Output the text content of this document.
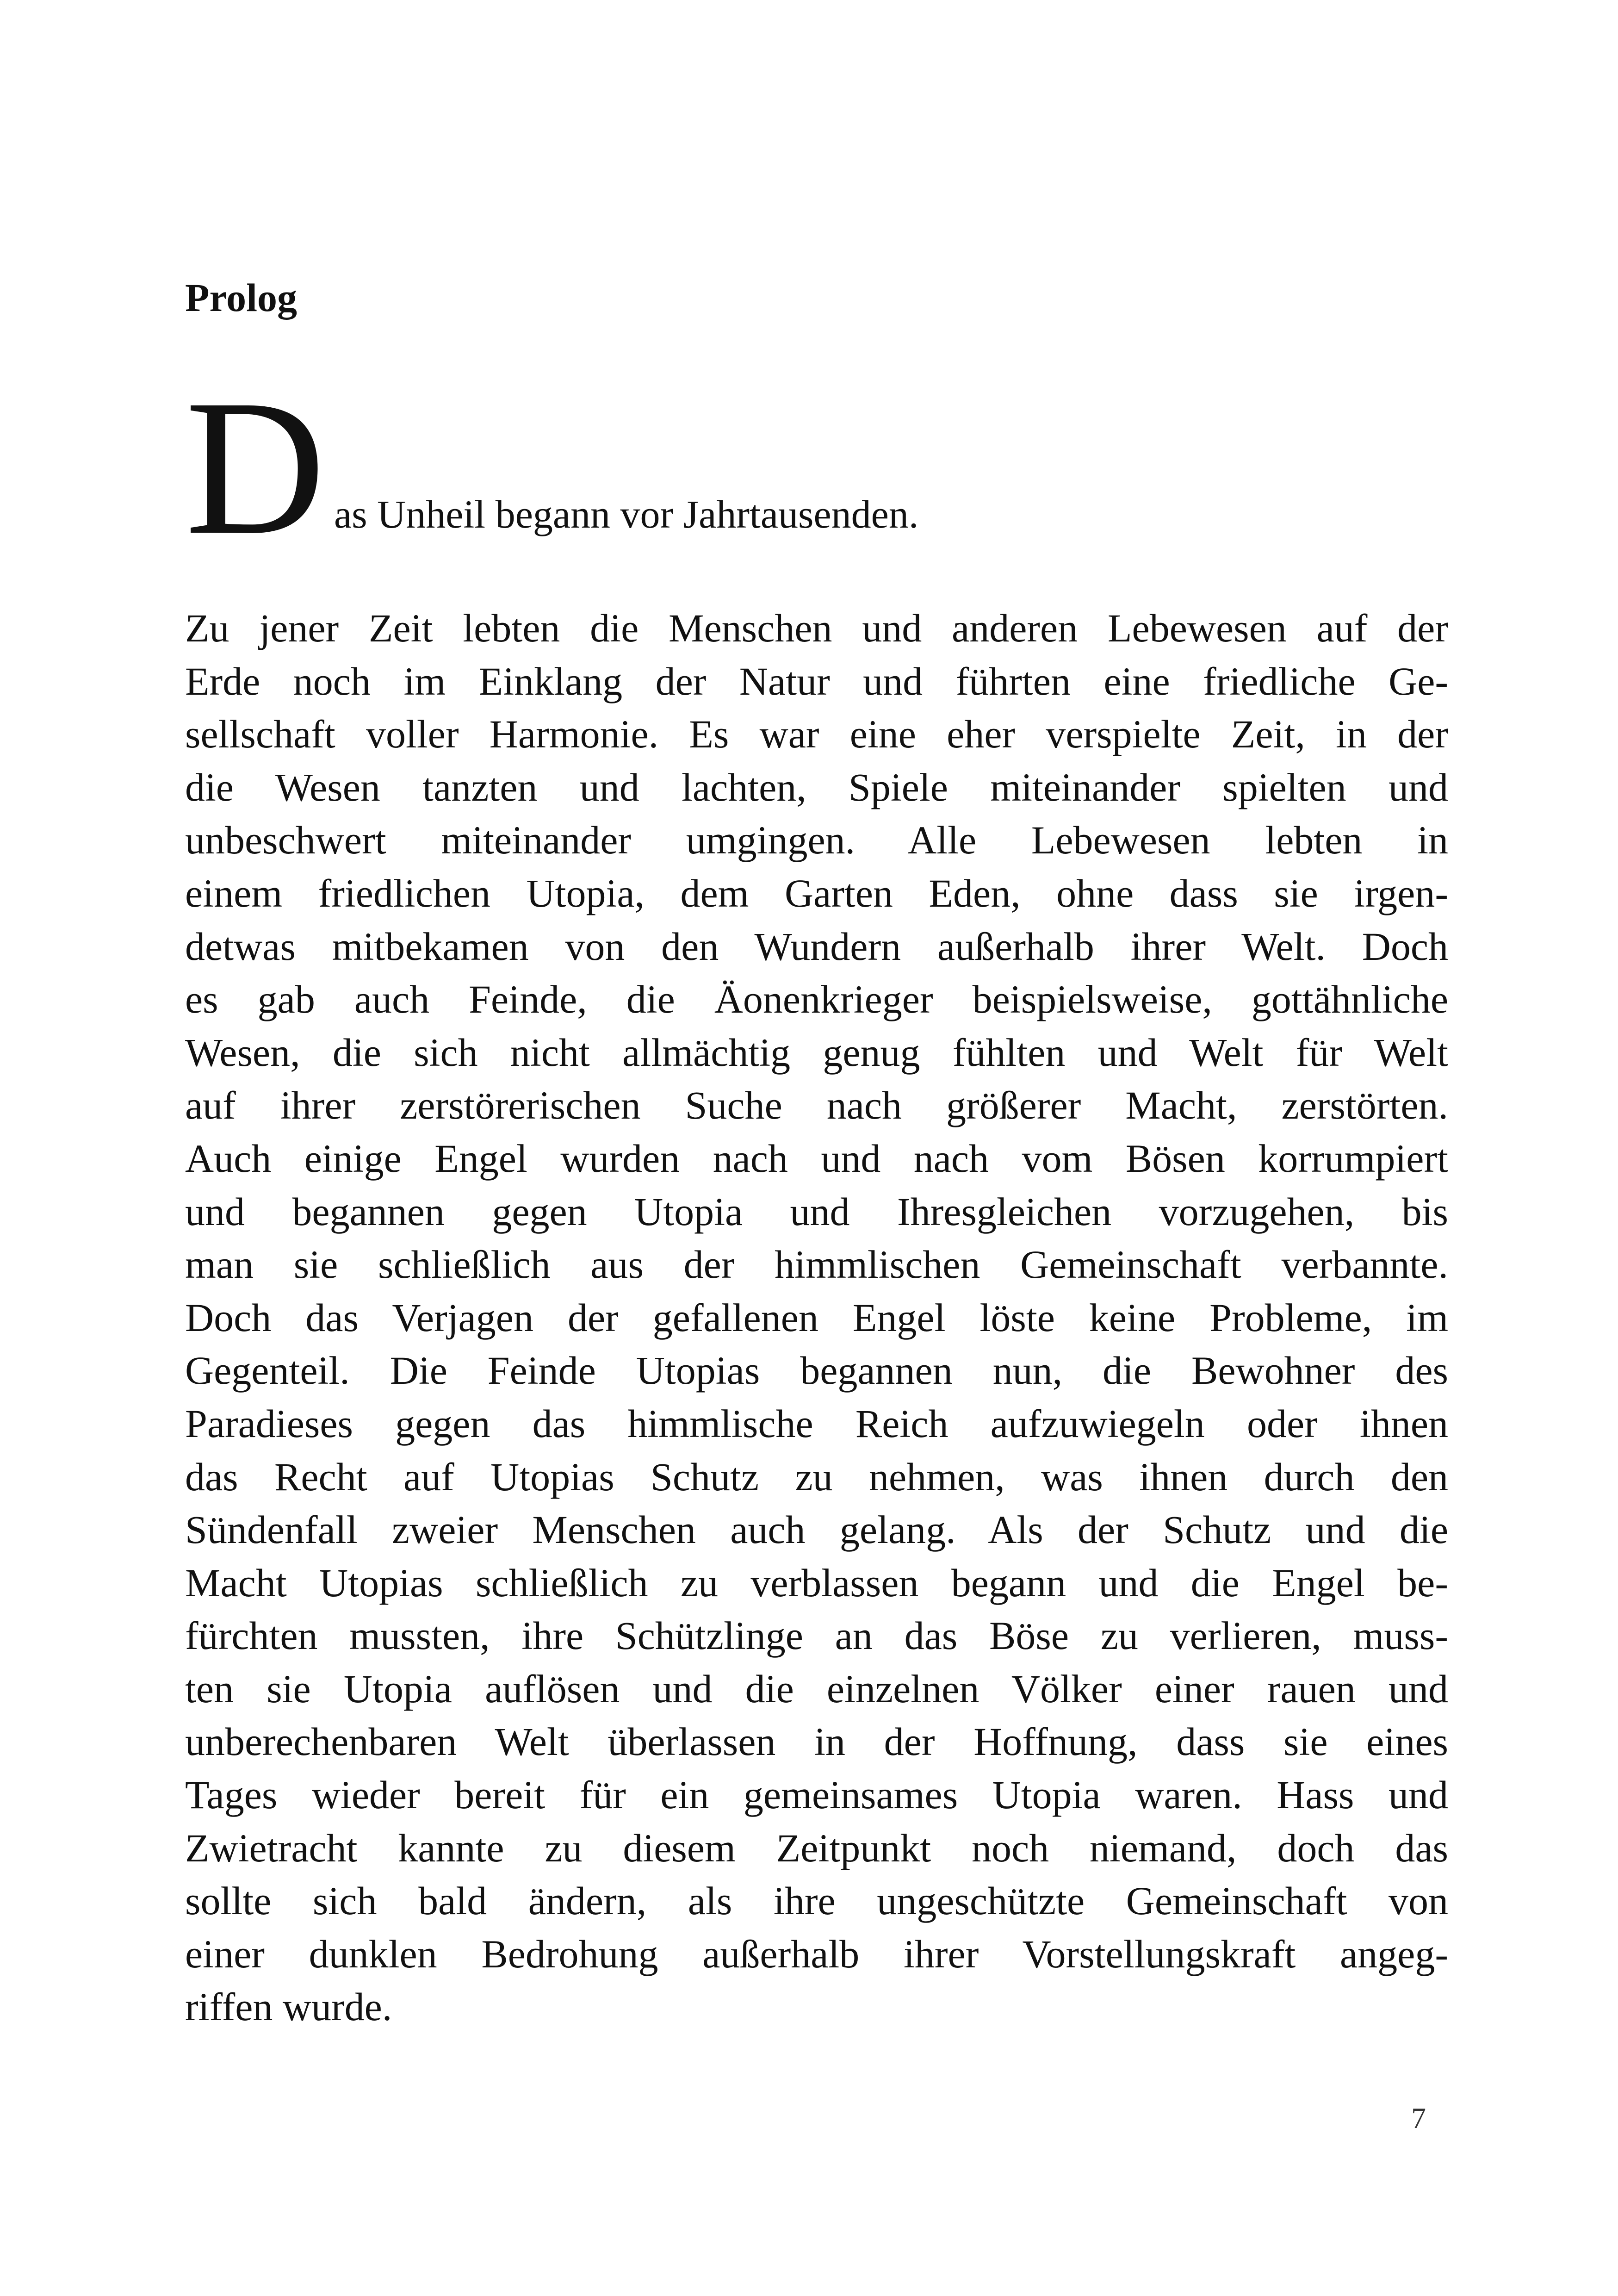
Prolog
D as Unheil begann vor Jahrtausenden.
Zu jener Zeit lebten die Menschen und anderen Lebewesen auf der
Erde noch im Einklang der Natur und führten eine friedliche Ge-
sellschaft voller Harmonie. Es war eine eher verspielte Zeit, in der
die Wesen tanzten und lachten, Spiele miteinander spielten und
unbeschwert miteinander umgingen. Alle Lebewesen lebten in
einem friedlichen Utopia, dem Garten Eden, ohne dass sie irgen-
detwas mitbekamen von den Wundern außerhalb ihrer Welt. Doch
es gab auch Feinde, die Äonenkrieger beispielsweise, gottähnliche
Wesen, die sich nicht allmächtig genug fühlten und Welt für Welt
auf ihrer zerstörerischen Suche nach größerer Macht, zerstörten.
Auch einige Engel wurden nach und nach vom Bösen korrumpiert
und begannen gegen Utopia und Ihresgleichen vorzugehen, bis
man sie schließlich aus der himmlischen Gemeinschaft verbannte.
Doch das Verjagen der gefallenen Engel löste keine Probleme, im
Gegenteil. Die Feinde Utopias begannen nun, die Bewohner des
Paradieses gegen das himmlische Reich aufzuwiegeln oder ihnen
das Recht auf Utopias Schutz zu nehmen, was ihnen durch den
Sündenfall zweier Menschen auch gelang. Als der Schutz und die
Macht Utopias schließlich zu verblassen begann und die Engel be-
fürchten mussten, ihre Schützlinge an das Böse zu verlieren, muss-
ten sie Utopia auflösen und die einzelnen Völker einer rauen und
unberechenbaren Welt überlassen in der Hoffnung, dass sie eines
Tages wieder bereit für ein gemeinsames Utopia waren. Hass und
Zwietracht kannte zu diesem Zeitpunkt noch niemand, doch das
sollte sich bald ändern, als ihre ungeschützte Gemeinschaft von
einer dunklen Bedrohung außerhalb ihrer Vorstellungskraft angeg-
riffen wurde.
7
